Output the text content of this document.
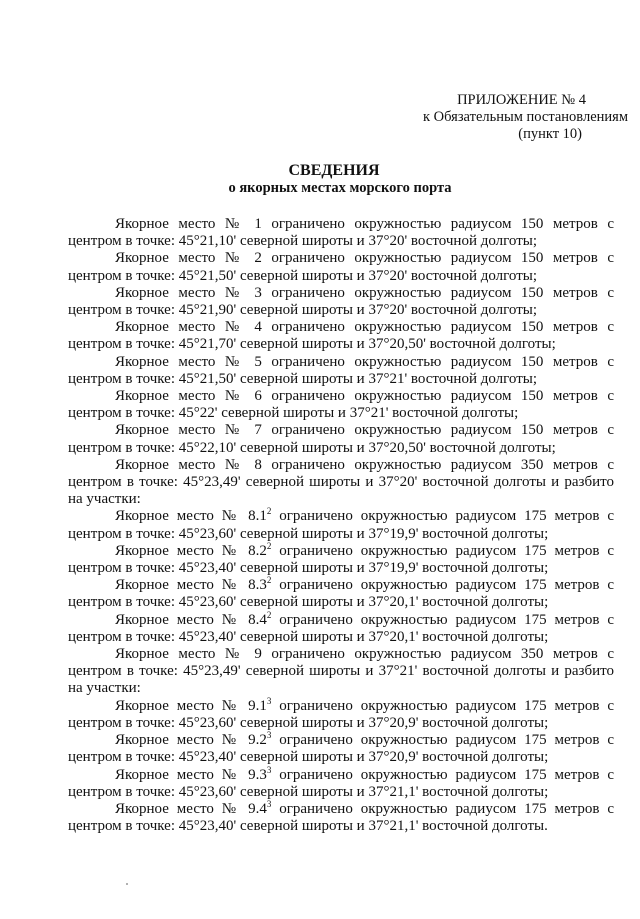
ПРИЛОЖЕНИЕ № 4
к Обязательным постановлениям
(пункт 10)
СВЕДЕНИЯ
о якорных местах морского порта

Якорное место № 1 ограничено окружностью радиусом 150 метров с центром в точке: 45°21,10' северной широты и 37°20' восточной долготы;

Якорное место № 2 ограничено окружностью радиусом 150 метров с центром в точке: 45°21,50' северной широты и 37°20' восточной долготы;

Якорное место № 3 ограничено окружностью радиусом 150 метров с центром в точке: 45°21,90' северной широты и 37°20' восточной долготы;

Якорное место № 4 ограничено окружностью радиусом 150 метров с центром в точке: 45°21,70' северной широты и 37°20,50' восточной долготы;

Якорное место № 5 ограничено окружностью радиусом 150 метров с центром в точке: 45°21,50' северной широты и 37°21' восточной долготы;

Якорное место № 6 ограничено окружностью радиусом 150 метров с центром в точке: 45°22' северной широты и 37°21' восточной долготы;

Якорное место № 7 ограничено окружностью радиусом 150 метров с центром в точке: 45°22,10' северной широты и 37°20,50' восточной долготы;

Якорное место № 8 ограничено окружностью радиусом 350 метров с центром в точке: 45°23,49' северной широты и 37°20' восточной долготы и разбито на участки:

Якорное место № $8.1^2$ ограничено окружностью радиусом 175 метров с центром в точке: 45°23,60' северной широты и 37°19,9' восточной долготы;

Якорное место № $8.2^2$ ограничено окружностью радиусом 175 метров с центром в точке: 45°23,40' северной широты и 37°19,9' восточной долготы;

Якорное место № $8.3^2$ ограничено окружностью радиусом 175 метров с центром в точке: 45°23,60' северной широты и 37°20,1' восточной долготы;

Якорное место № $8.4^2$ ограничено окружностью радиусом 175 метров с центром в точке: 45°23,40' северной широты и 37°20,1' восточной долготы;

Якорное место № 9 ограничено окружностью радиусом 350 метров с центром в точке: 45°23,49' северной широты и 37°21' восточной долготы и разбито на участки:

Якорное место № $9.1^3$ ограничено окружностью радиусом 175 метров с центром в точке: 45°23,60' северной широты и 37°20,9' восточной долготы;

Якорное место № $9.2^3$ ограничено окружностью радиусом 175 метров с центром в точке: 45°23,40' северной широты и 37°20,9' восточной долготы;

Якорное место № $9.3^3$ ограничено окружностью радиусом 175 метров с центром в точке: 45°23,60' северной широты и 37°21,1' восточной долготы;

Якорное место № $9.4^3$ ограничено окружностью радиусом 175 метров с центром в точке: 45°23,40' северной широты и 37°21,1' восточной долготы.
